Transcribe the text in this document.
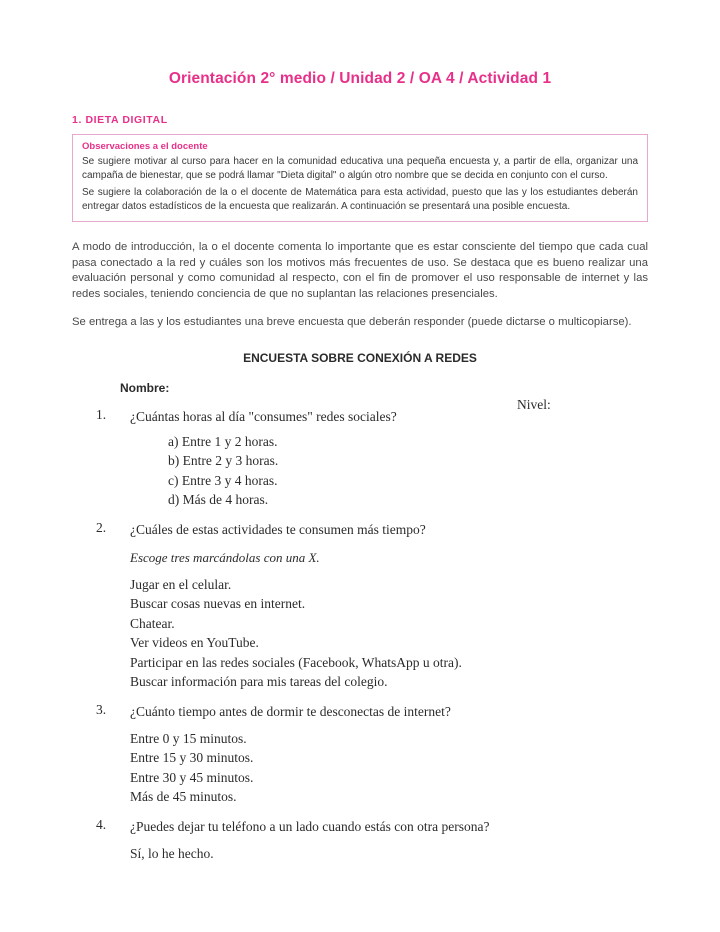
Orientación 2° medio / Unidad 2 / OA 4 / Actividad 1
1. DIETA DIGITAL
Observaciones a el docente

Se sugiere motivar al curso para hacer en la comunidad educativa una pequeña encuesta y, a partir de ella, organizar una campaña de bienestar, que se podrá llamar "Dieta digital" o algún otro nombre que se decida en conjunto con el curso.

Se sugiere la colaboración de la o el docente de Matemática para esta actividad, puesto que las y los estudiantes deberán entregar datos estadísticos de la encuesta que realizarán. A continuación se presentará una posible encuesta.

A modo de introducción, la o el docente comenta lo importante que es estar consciente del tiempo que cada cual pasa conectado a la red y cuáles son los motivos más frecuentes de uso. Se destaca que es bueno realizar una evaluación personal y como comunidad al respecto, con el fin de promover el uso responsable de internet y las redes sociales, teniendo conciencia de que no suplantan las relaciones presenciales.

Se entrega a las y los estudiantes una breve encuesta que deberán responder (puede dictarse o multicopiarse).

ENCUESTA SOBRE CONEXIÓN A REDES
Nombre:
Nivel:
1. ¿Cuántas horas al día "consumes" redes sociales?
a) Entre 1 y 2 horas.
b) Entre 2 y 3 horas.
c) Entre 3 y 4 horas.
d) Más de 4 horas.
2. ¿Cuáles de estas actividades te consumen más tiempo?
Escoge tres marcándolas con una X.
Jugar en el celular.
Buscar cosas nuevas en internet.
Chatear.
Ver videos en YouTube.
Participar en las redes sociales (Facebook, WhatsApp u otra).
Buscar información para mis tareas del colegio.
3. ¿Cuánto tiempo antes de dormir te desconectas de internet?
Entre 0 y 15 minutos.
Entre 15 y 30 minutos.
Entre 30 y 45 minutos.
Más de 45 minutos.
4. ¿Puedes dejar tu teléfono a un lado cuando estás con otra persona?
Sí, lo he hecho.
